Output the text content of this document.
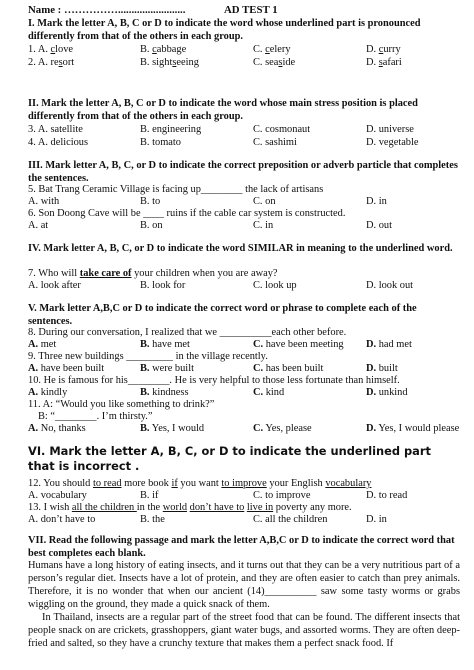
Name : …………….........................	AD TEST 1
I. Mark the letter A, B, C or D to indicate the word whose underlined part is pronounced differently from that of the others in each group.
1. A. clove	B. cabbage	C. celery	D. curry
2. A. resort	B. sightseeing	C. seaside	D. safari
II. Mark the letter A, B, C or D to indicate the word whose main stress position is placed differently from that of the others in each group.
3. A. satellite	B. engineering	C. cosmonaut	D. universe
4. A. delicious	B. tomato	C. sashimi	D. vegetable
III. Mark letter A, B, C, or D to indicate the correct preposition or adverb particle that completes the sentences.
5. Bat Trang Ceramic Village is facing up________ the lack of artisans
A. with	B. to	C. on	D. in
6. Son Doong Cave will be ____ ruins if the cable car system is constructed.
A. at	B. on	C. in	D. out
IV. Mark letter A, B, C, or D to indicate the word SIMILAR in meaning to the underlined word.
7. Who will take care of your children when you are away?
A. look after	B. look for	C. look up	D. look out
V. Mark letter A,B,C or D to indicate the correct word or phrase to complete each of the sentences.
8. During our conversation, I realized that we __________each other before.
A. met	B. have met	C. have been meeting D. had met
9. Three new buildings _________ in the village recently.
A. have been built	B. were built	C. has been built	D. built
10. He is famous for his________. He is very helpful to those less fortunate than himself.
A. kindly	B. kindness	C. kind	D. unkind
11. A: “Would you like something to drink?”
B: “________. I’m thirsty.”
A. No, thanks	B. Yes, I would	C. Yes, please	D. Yes, I would please
VI. Mark the letter A, B, C, or D to indicate the underlined part that is incorrect .
12. You should to read more book if you want to improve your English vocabulary
A. vocabulary	B. if	C. to improve	D. to read
13. I wish all the children in the world don’t have to live in poverty any more.
A. don’t have to	B. the	C. all the children	D. in
VII. Read the following passage and mark the letter A,B,C or D to indicate the correct word that best completes each blank.
Humans have a long history of eating insects, and it turns out that they can be a very nutritious part of a person’s regular diet. Insects have a lot of protein, and they are often easier to catch than prey animals. Therefore, it is no wonder that when our ancient (14)__________ saw some tasty worms or grabs wiggling on the ground, they made a quick snack of them.
In Thailand, insects are a regular part of the street food that can be found. The different insects that people snack on are crickets, grasshoppers, giant water bugs, and assorted worms. They are often deep-fried and salted, so they have a crunchy texture that makes them a perfect snack food. If
